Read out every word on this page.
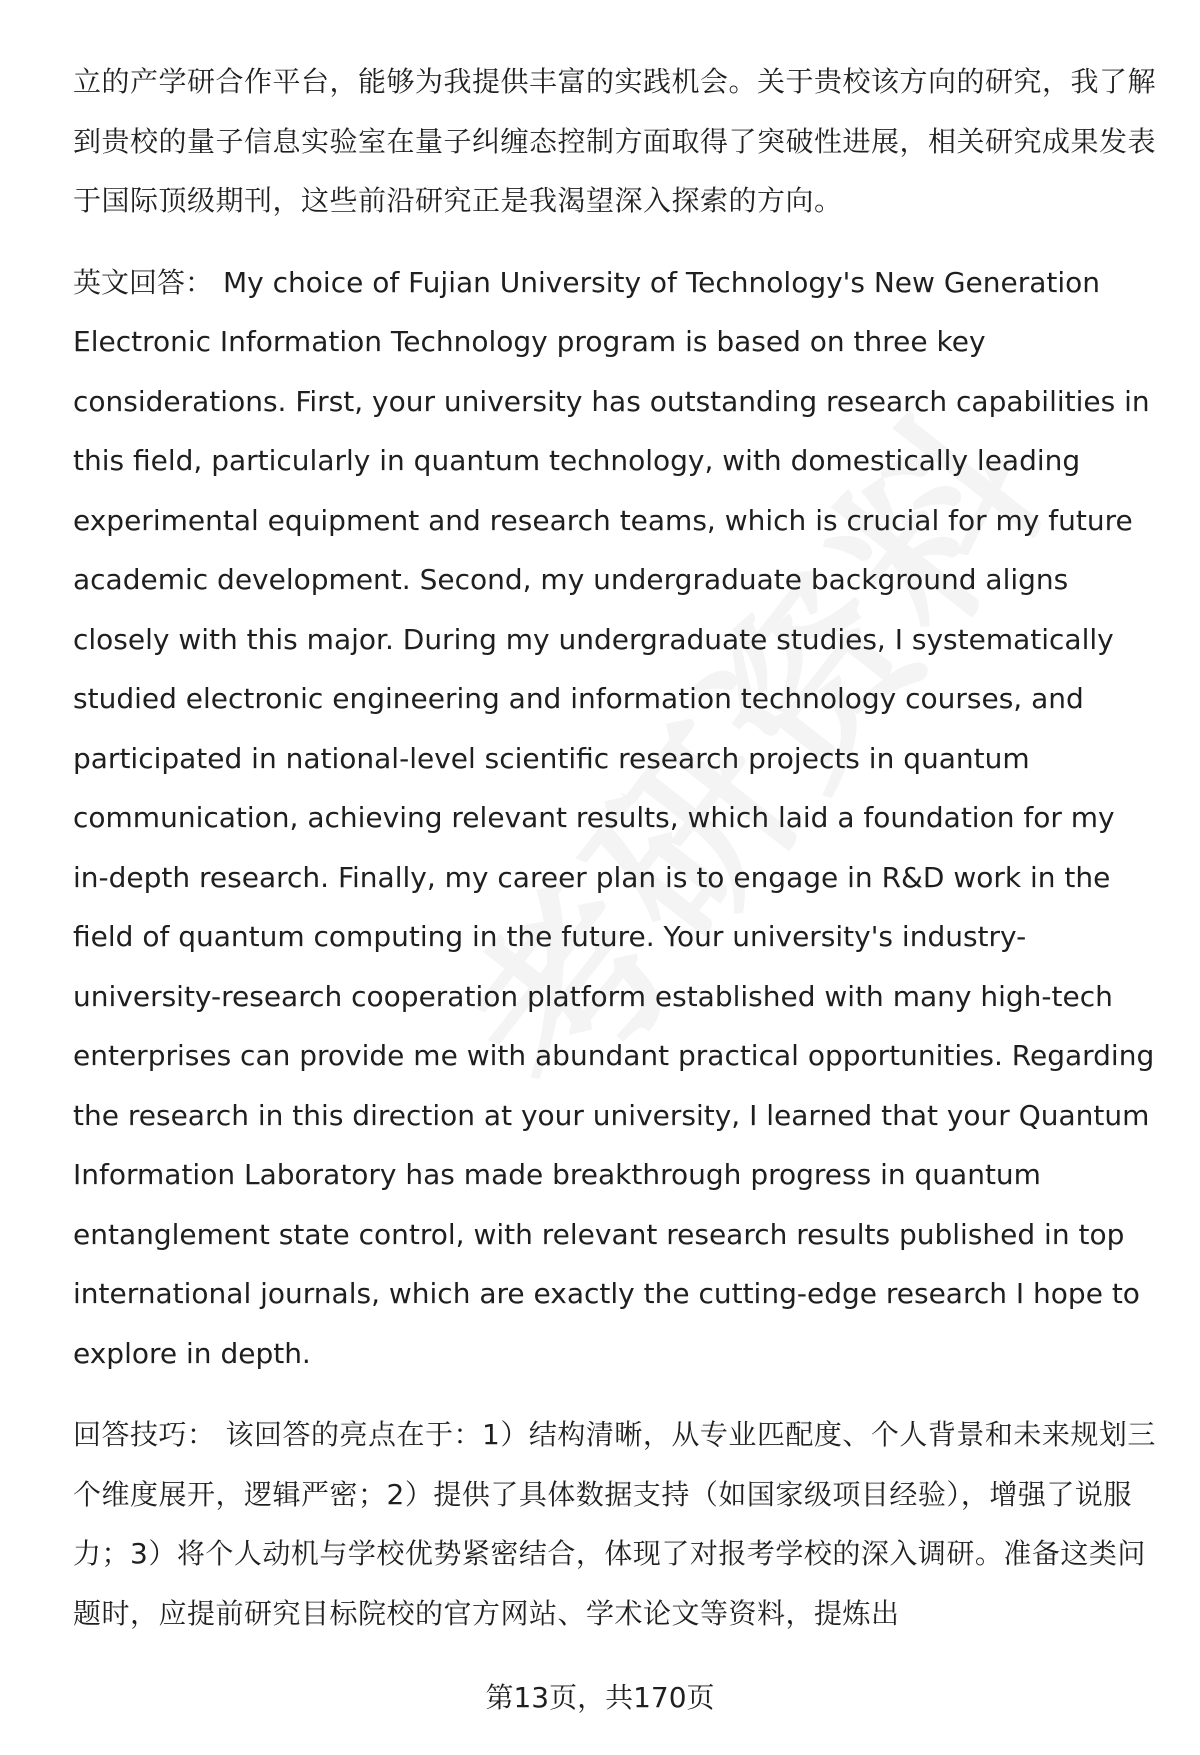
立的产学研合作平台，能够为我提供丰富的实践机会。关于贵校该方向的研究，我了解到贵校的量子信息实验室在量子纠缠态控制方面取得了突破性进展，相关研究成果发表于国际顶级期刊，这些前沿研究正是我渴望深入探索的方向。

英文回答： My choice of Fujian University of Technology's New Generation Electronic Information Technology program is based on three key considerations. First, your university has outstanding research capabilities in this field, particularly in quantum technology, with domestically leading experimental equipment and research teams, which is crucial for my future academic development. Second, my undergraduate background aligns closely with this major. During my undergraduate studies, I systematically studied electronic engineering and information technology courses, and participated in national-level scientific research projects in quantum communication, achieving relevant results, which laid a foundation for my in-depth research. Finally, my career plan is to engage in R&D work in the field of quantum computing in the future. Your university's industry-university-research cooperation platform established with many high-tech enterprises can provide me with abundant practical opportunities. Regarding the research in this direction at your university, I learned that your Quantum Information Laboratory has made breakthrough progress in quantum entanglement state control, with relevant research results published in top international journals, which are exactly the cutting-edge research I hope to explore in depth.

回答技巧： 该回答的亮点在于：1）结构清晰，从专业匹配度、个人背景和未来规划三个维度展开，逻辑严密；2）提供了具体数据支持（如国家级项目经验），增强了说服力；3）将个人动机与学校优势紧密结合，体现了对报考学校的深入调研。准备这类问题时，应提前研究目标院校的官方网站、学术论文等资料，提炼出

第13页，共170页
